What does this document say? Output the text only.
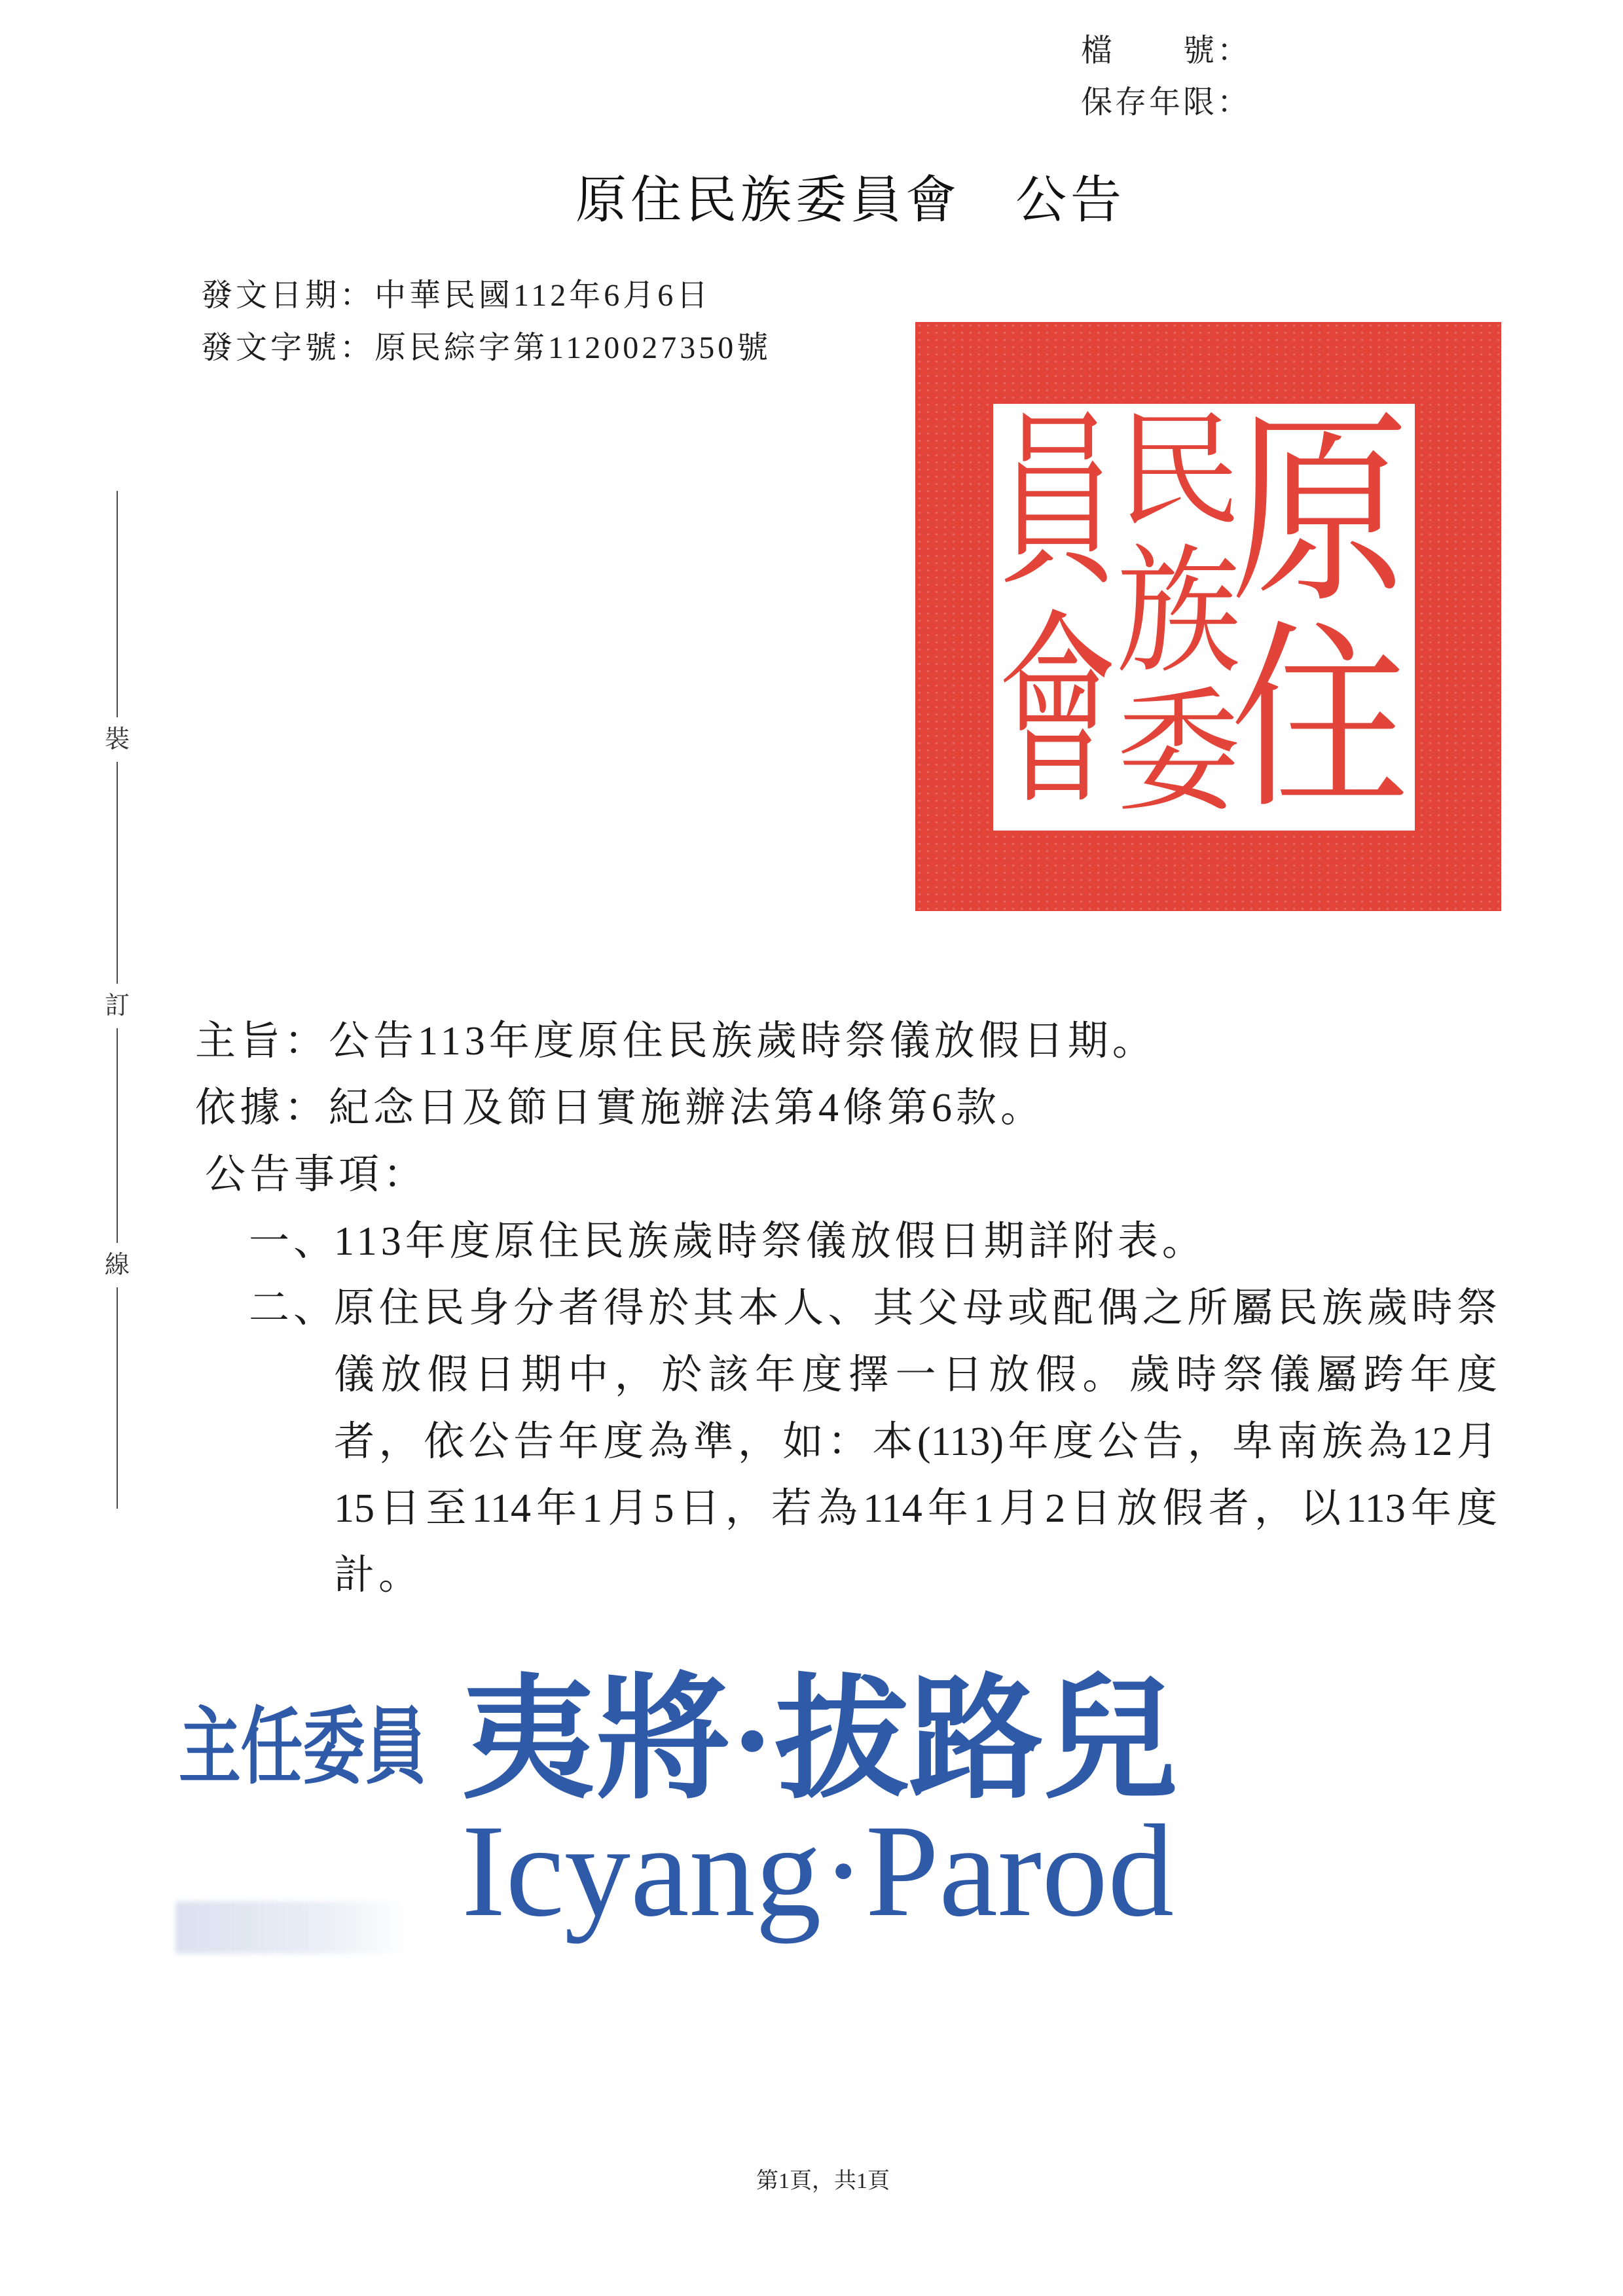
檔　　號：
保存年限：
原住民族委員會 公告
發文日期：中華民國112年6月6日
發文字號：原民綜字第1120027350號
裝
訂
線
原
住
民
族
委
員
會
主旨：公告113年度原住民族歲時祭儀放假日期。
依據：紀念日及節日實施辦法第4條第6款。
公告事項：
一、
113年度原住民族歲時祭儀放假日期詳附表。
二、
原住民身分者得於其本人、其父母或配偶之所屬民族歲時祭
儀放假日期中，於該年度擇一日放假。歲時祭儀屬跨年度
者，依公告年度為準，如：本(113)年度公告，卑南族為12月
15日至114年1月5日，若為114年1月2日放假者，以113年度
計。
主任委員 夷將·拔路兒
Icyang·Parod
第1頁，共1頁
